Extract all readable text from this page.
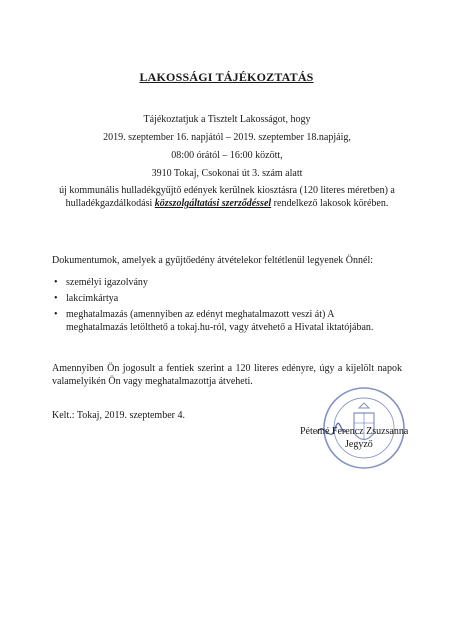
LAKOSSÁGI TÁJÉKOZTATÁS
Tájékoztatjuk a Tisztelt Lakosságot, hogy
2019. szeptember 16. napjától – 2019. szeptember 18.napjáig,
08:00 órától – 16:00 között,
3910 Tokaj, Csokonai út 3. szám alatt
új kommunális hulladékgyűjtő edények kerülnek kiosztásra (120 literes méretben) a hulladékgazdálkodási közszolgáltatási szerződéssel rendelkező lakosok körében.
Dokumentumok, amelyek a gyűjtőedény átvételekor feltétlenül legyenek Önnél:
• személyi igazolvány
• lakcímkártya
• meghatalmazás (amennyiben az edényt meghatalmazott veszi át) A meghatalmazás letölthető a tokaj.hu-ról, vagy átvehető a Hivatal iktatójában.
Amennyiben Ön jogosult a fentiek szerint a 120 literes edényre, úgy a kijelölt napok valamelyikén Ön vagy meghatalmazottja átveheti.
Kelt.: Tokaj, 2019. szeptember 4.
Pétemé Ferencz Zsuzsanna
Jegyző
